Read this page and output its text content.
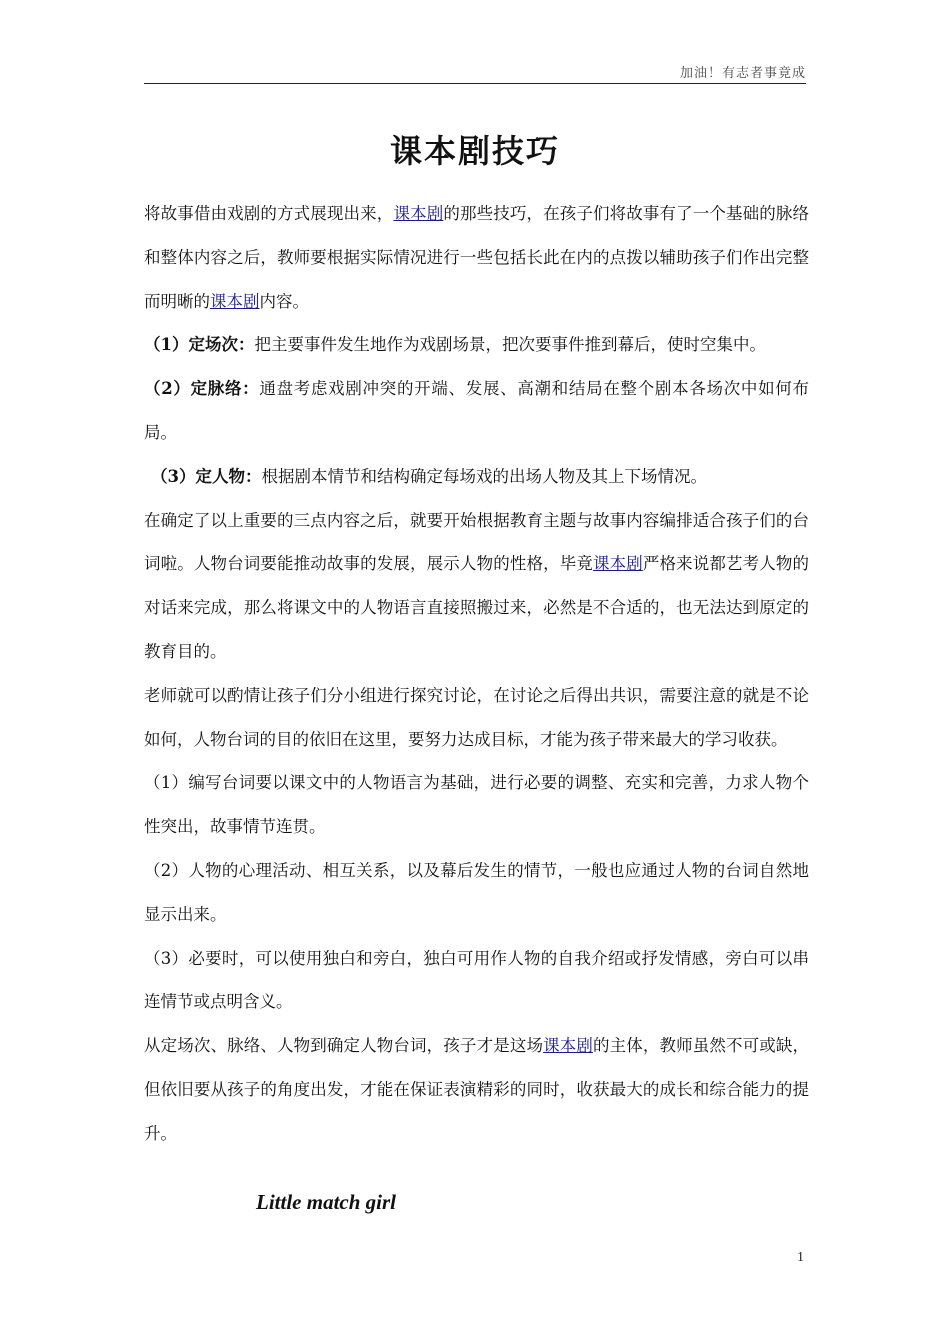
加油！有志者事竟成
课本剧技巧

将故事借由戏剧的方式展现出来，课本剧的那些技巧，在孩子们将故事有了一个基础的脉络和整体内容之后，教师要根据实际情况进行一些包括长此在内的点拨以辅助孩子们作出完整而明晰的课本剧内容。

（1）定场次：把主要事件发生地作为戏剧场景，把次要事件推到幕后，使时空集中。

（2）定脉络：通盘考虑戏剧冲突的开端、发展、高潮和结局在整个剧本各场次中如何布局。

（3）定人物：根据剧本情节和结构确定每场戏的出场人物及其上下场情况。

在确定了以上重要的三点内容之后，就要开始根据教育主题与故事内容编排适合孩子们的台词啦。人物台词要能推动故事的发展，展示人物的性格，毕竟课本剧严格来说都艺考人物的对话来完成，那么将课文中的人物语言直接照搬过来，必然是不合适的，也无法达到原定的教育目的。

老师就可以酌情让孩子们分小组进行探究讨论，在讨论之后得出共识，需要注意的就是不论如何，人物台词的目的依旧在这里，要努力达成目标，才能为孩子带来最大的学习收获。

（1）编写台词要以课文中的人物语言为基础，进行必要的调整、充实和完善，力求人物个性突出，故事情节连贯。

（2）人物的心理活动、相互关系，以及幕后发生的情节，一般也应通过人物的台词自然地显示出来。

（3）必要时，可以使用独白和旁白，独白可用作人物的自我介绍或抒发情感，旁白可以串连情节或点明含义。

从定场次、脉络、人物到确定人物台词，孩子才是这场课本剧的主体，教师虽然不可或缺，但依旧要从孩子的角度出发，才能在保证表演精彩的同时，收获最大的成长和综合能力的提升。

Little match girl
1
